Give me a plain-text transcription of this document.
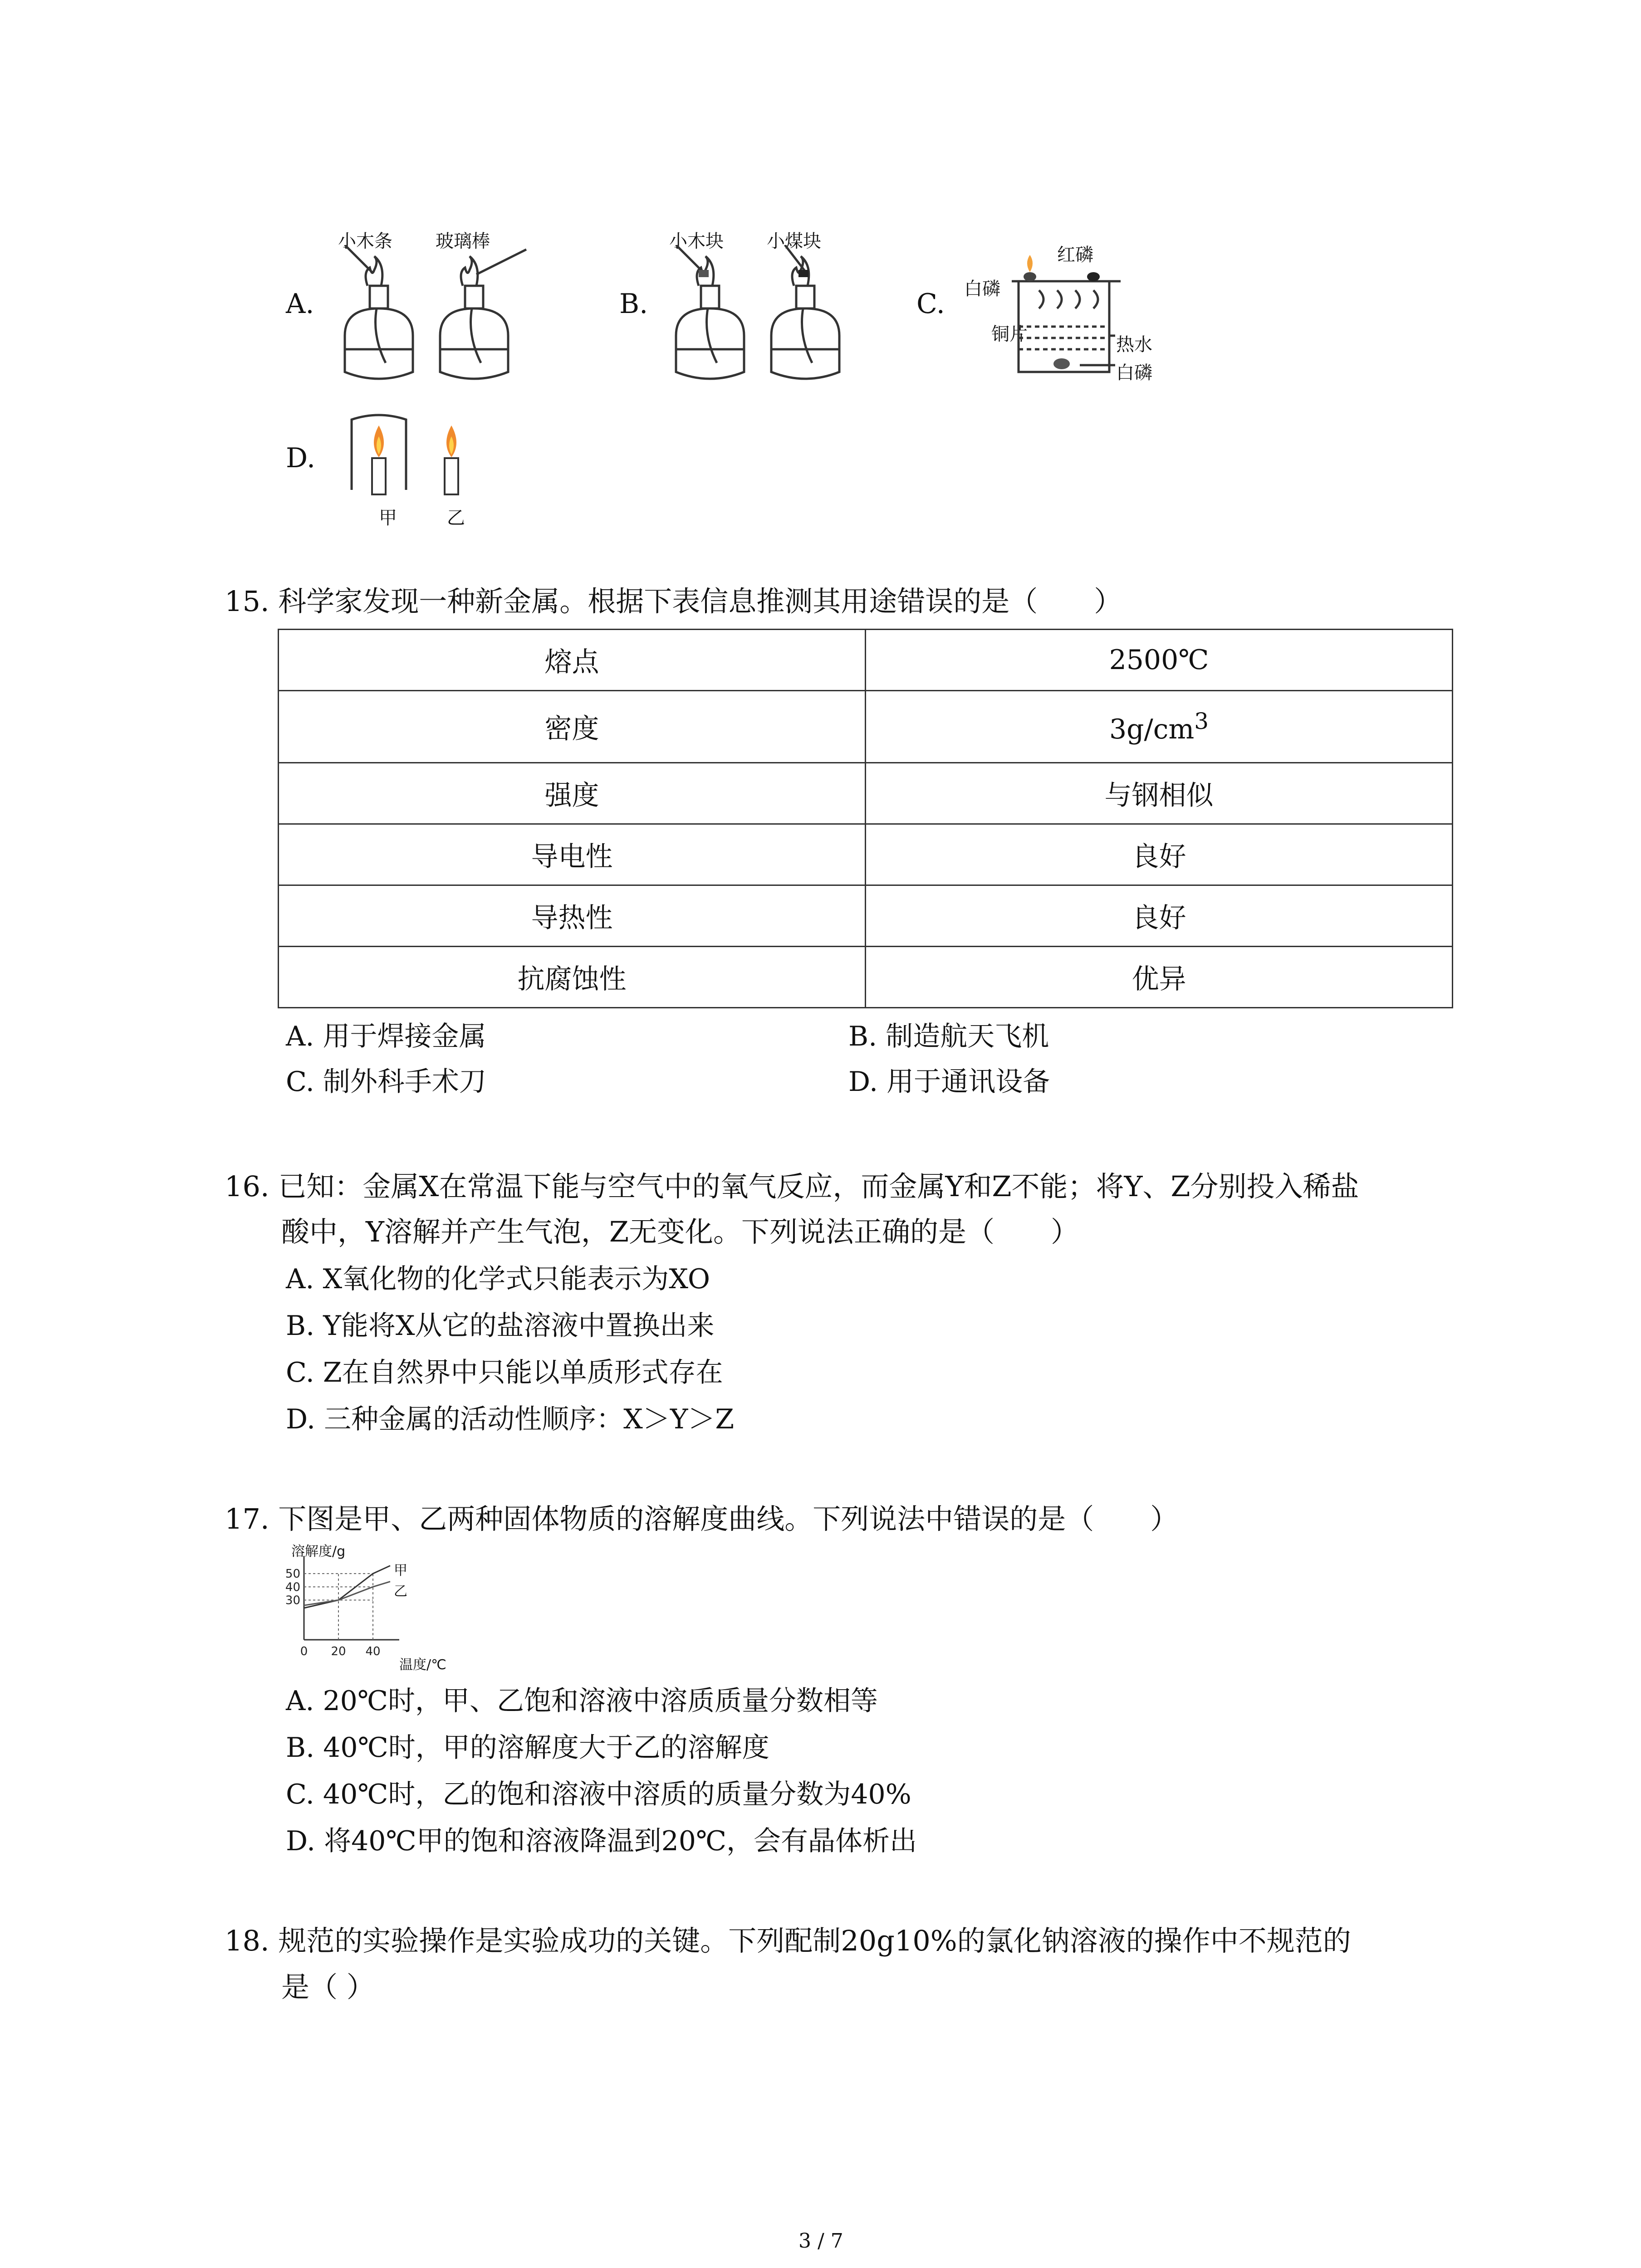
A.
小木条 玻璃棒
B.
小木块 小煤块
C.
红磷
白磷
铜片	热水
白磷
D.
甲	乙
15. 科学家发现一种新金属。根据下表信息推测其用途错误的是（　　）
熔点	2500℃
密度	$3g/cm^3$
强度	与钢相似
导电性	良好
导热性	良好
抗腐蚀性	优异
A. 用于焊接金属	B. 制造航天飞机
C. 制外科手术刀	D. 用于通讯设备
16. 已知：金属X在常温下能与空气中的氧气反应，而金属Y和Z不能；将Y、Z分别投入稀盐
酸中，Y溶解并产生气泡，Z无变化。下列说法正确的是（　　）
A. X氧化物的化学式只能表示为XO
B. Y能将X从它的盐溶液中置换出来
C. Z在自然界中只能以单质形式存在
D. 三种金属的活动性顺序：X＞Y＞Z
17. 下图是甲、乙两种固体物质的溶解度曲线。下列说法中错误的是（　　）
30
40
50
0 20 40
溶解度/g
温度/℃
甲
乙
A. 20℃时，甲、乙饱和溶液中溶质质量分数相等
B. 40℃时，甲的溶解度大于乙的溶解度
C. 40℃时，乙的饱和溶液中溶质的质量分数为40%
D. 将40℃甲的饱和溶液降温到20℃，会有晶体析出
18. 规范的实验操作是实验成功的关键。下列配制20g10%的氯化钠溶液的操作中不规范的
是（ ）
3 / 7
